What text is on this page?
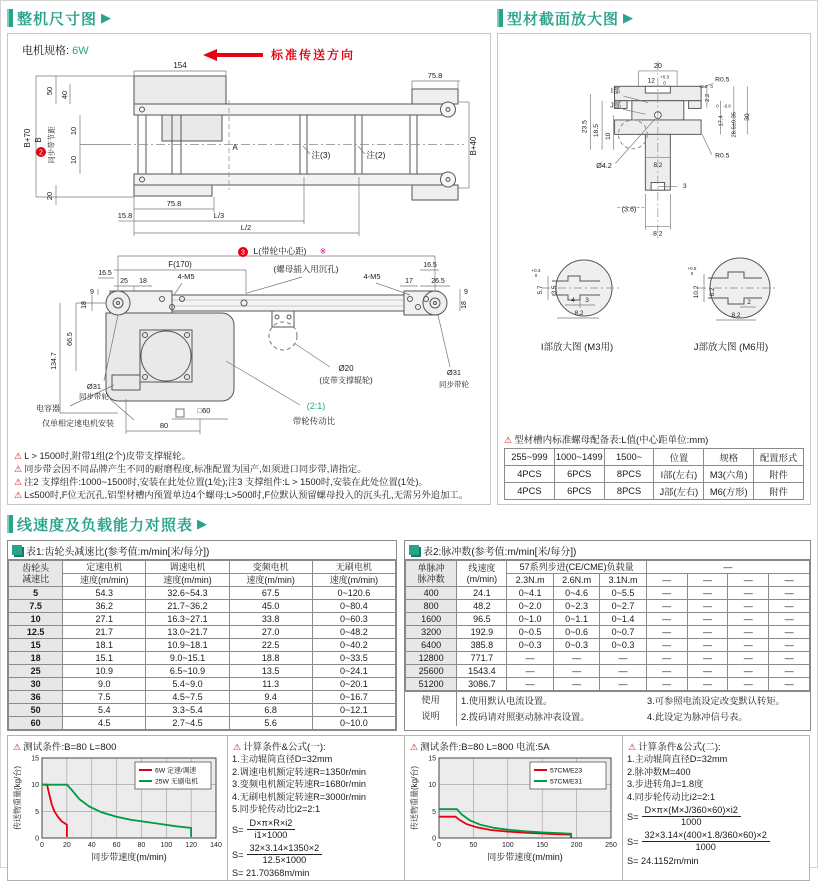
整机尺寸图 ▶
电机规格: 6W	标准传送方向
2
154
75.8
50 40
B+70 B 同步带节距 10
10
20
75.8
15.8	L/3
L/2
A
注(3)	注(2)	B+40

3 L(带轮中心距) ※
F(170)
16.5
25 18
4-M5
9
18
(螺母插入用沉孔)
4-M5
17
16.5
26.5
9
18
66.5
134.7
Ø31
同步带轮
Ø20
(皮带支撑辊轮)
Ø31
同步带轮
电容器
仅单相定速电机安装
□60
80
(2:1)
带轮传动比
⚠ L > 1500时,附带1组(2个)皮带支撑辊轮。
⚠ 同步带会因不同品牌产生不同的耐磨程度,标准配置为国产,如须进口同步带,请指定。
⚠ 注2 支撑组件:1000~1500时,安装在此处位置(1处);注3 支撑组件:L > 1500时,安装在此处位置(1处)。
⚠ L≤500时,F位无沉孔,铝型材槽内预置单边4个螺母;L>500时,F位默认预留螺母投入的沉头孔,无需另外追加工。
型材截面放大图 ▶
20
12
+0.3
0	R0.5
I部
J部
23.5 18.5 10
Ø4.2
2.2
+0.2 0
17.4
0 -0.6
28.5±0.35 30
8.2
R0.5
3
(3.6)
8.2
5.7
+0.3
0
3.5
4 3
8.2
I部放大图 (M3用)
10.2
+0.5
0
6.2
2
8.2
J部放大图 (M6用)
⚠ 型材槽内标准螺母配备表:L值(中心距单位:mm)
255~999	1000~1499	1500~	位置	规格	配置形式
4PCS	6PCS	8PCS	I部(左右)	M3(六角)	附件
4PCS	6PCS	8PCS	J部(左右)	M6(方形)	附件
线速度及负载能力对照表 ▶
表1:齿轮头减速比(参考值:m/min[米/每分])
齿轮头
减速比	定速电机	调速电机	变频电机	无刷电机
	速度(m/min)	速度(m/min)	速度(m/min)	速度(m/min)
5	54.3	32.6~54.3	67.5	0~120.6
7.5	36.2	21.7~36.2	45.0	0~80.4
10	27.1	16.3~27.1	33.8	0~60.3
12.5	21.7	13.0~21.7	27.0	0~48.2
15	18.1	10.9~18.1	22.5	0~40.2
18	15.1	9.0~15.1	18.8	0~33.5
25	10.9	6.5~10.9	13.5	0~24.1
30	9.0	5.4~9.0	11.3	0~20.1
36	7.5	4.5~7.5	9.4	0~16.7
50	5.4	3.3~5.4	6.8	0~12.1
60	4.5	2.7~4.5	5.6	0~10.0
表2:脉冲数(参考值:m/min[米/每分])
单脉冲
脉冲数	线速度
(m/min)	57系列步进(CE/CME)负载量			—			
		2.3N.m	2.6N.m	3.1N.m	—	—	—	—
400	24.1	0~4.1	0~4.6	0~5.5	—	—	—	—
800	48.2	0~2.0	0~2.3	0~2.7	—	—	—	—
1600	96.5	0~1.0	0~1.1	0~1.4	—	—	—	—
3200	192.9	0~0.5	0~0.6	0~0.7	—	—	—	—
6400	385.8	0~0.3	0~0.3	0~0.3	—	—	—	—
12800	771.7	—	—	—	—	—	—	—
25600	1543.4	—	—	—	—	—	—	—
51200	3086.7	—	—	—	—	—	—	—
使用
说明
1.使用默认电流设置。
2.拨码请对照驱动脉冲表设置。
3.可参照电流设定改变默认转矩。
4.此设定为脉冲信号表。
⚠ 测试条件:B=80 L=800
0	20 40 60 80 100 120 140
0
5
10
15
6W 定速/调速
25W 无刷电机
同步带速度(m/min)
传送物重量(kg/台)
⚠ 计算条件&公式(一):
1.主动辊筒直径D=32mm
2.调速电机额定转速R=1350r/min
3.变频电机额定转速R=1680r/min
4.无刷电机额定转速R=3000r/min
5.同步轮传动比i2=2:1
$S= \frac{D\times\pi\times R\times i2}{i1\times 1000}$
$S= \frac{32\times 3.14\times 1350\times 2}{12.5\times 1000}$
S= 21.70368m/min
⚠ 测试条件:B=80 L=800 电流:5A
0	50	100	150	200	250
0
5
10
15
57CM/E23
57CM/E31
同步带速度(m/min)
传送物重量(kg/台)
⚠ 计算条件&公式(二):
1.主动辊筒直径D=32mm
2.脉冲数M=400
3.步进转角J=1.8度
4.同步轮传动比i2=2:1
$S= \frac{D\times\pi\times(M\times J/360\times 60)\times i2}{1000}$
$S= \frac{32\times 3.14\times(400\times 1.8/360\times 60)\times 2}{1000}$
S= 24.1152m/min
